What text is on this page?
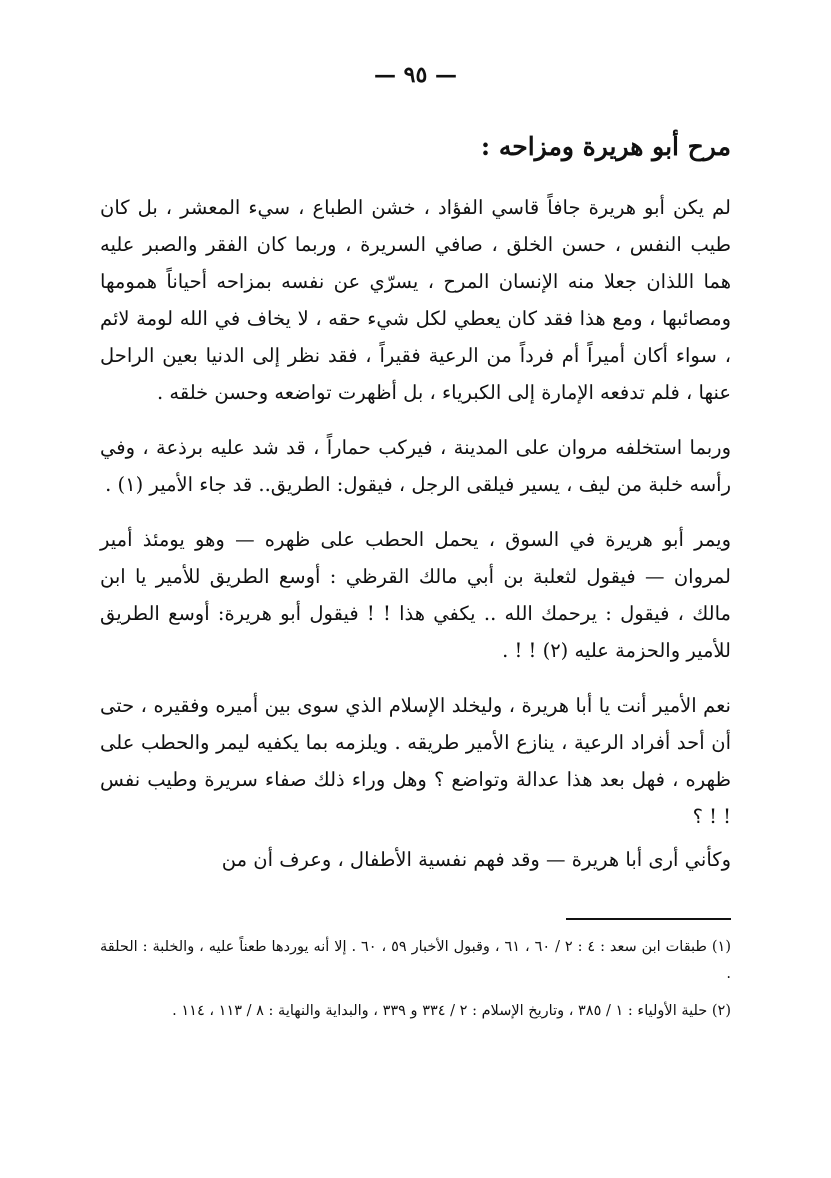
— ٩٥ —
مرح أبو هريرة ومزاحه :

لم يكن أبو هريرة جافاً قاسي الفؤاد ، خشن الطباع ، سيء المعشر ، بل كان طيب النفس ، حسن الخلق ، صافي السريرة ، وربما كان الفقر والصبر عليه هما اللذان جعلا منه الإنسان المرح ، يسرّي عن نفسه بمزاحه أحياناً همومها ومصائبها ، ومع هذا فقد كان يعطي لكل شيء حقه ، لا يخاف في الله لومة لائم ، سواء أكان أميراً أم فرداً من الرعية فقيراً ، فقد نظر إلى الدنيا بعين الراحل عنها ، فلم تدفعه الإمارة إلى الكبرياء ، بل أظهرت تواضعه وحسن خلقه .

وربما استخلفه مروان على المدينة ، فيركب حماراً ، قد شد عليه برذعة ، وفي رأسه خلبة من ليف ، يسير فيلقى الرجل ، فيقول: الطريق.. قد جاء الأمير (١) .

ويمر أبو هريرة في السوق ، يحمل الحطب على ظهره — وهو يومئذ أمير لمروان — فيقول لثعلبة بن أبي مالك القرظي : أوسع الطريق للأمير يا ابن مالك ، فيقول : يرحمك الله .. يكفي هذا ! ! فيقول أبو هريرة: أوسع الطريق للأمير والحزمة عليه (٢) ! ! .

نعم الأمير أنت يا أبا هريرة ، وليخلد الإسلام الذي سوى بين أميره وفقيره ، حتى أن أحد أفراد الرعية ، ينازع الأمير طريقه . ويلزمه بما يكفيه ليمر والحطب على ظهره ، فهل بعد هذا عدالة وتواضع ؟ وهل وراء ذلك صفاء سريرة وطيب نفس ! ! ؟

وكأني أرى أبا هريرة — وقد فهم نفسية الأطفال ، وعرف أن من

(١) طبقات ابن سعد : ٤ : ٢ / ٦٠ ، ٦١ ، وقبول الأخبار ٥٩ ، ٦٠ . إلا أنه يوردها طعناً عليه ، والخلبة : الحلقة .

(٢) حلية الأولياء : ١ / ٣٨٥ ، وتاريخ الإسلام : ٢ / ٣٣٤ و ٣٣٩ ، والبداية والنهاية : ٨ / ١١٣ ، ١١٤ .
